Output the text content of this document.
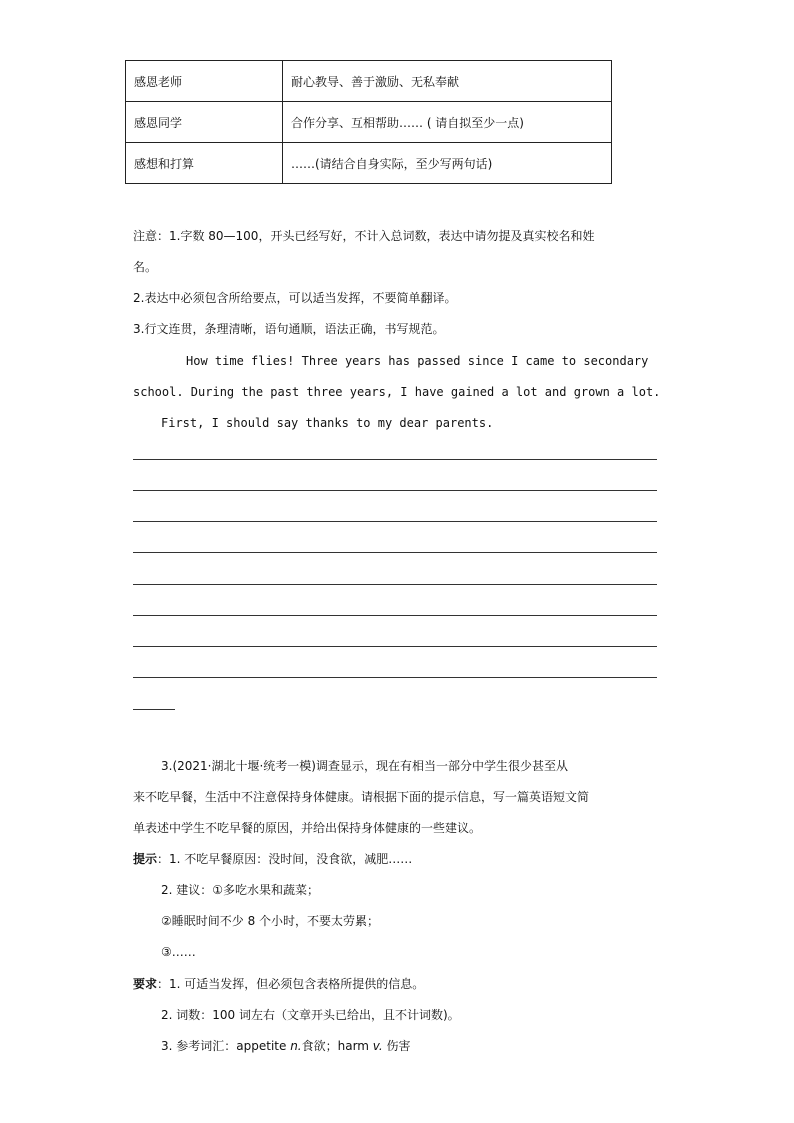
感恩老师	耐心教导、善于激励、无私奉献
感恩同学	合作分享、互相帮助…… ( 请自拟至少一点)
感想和打算	……(请结合自身实际，至少写两句话)
注意：1.字数 80—100，开头已经写好，不计入总词数，表达中请勿提及真实校名和姓
名。
2.表达中必须包含所给要点，可以适当发挥，不要简单翻译。
3.行文连贯，条理清晰，语句通顺，语法正确，书写规范。
How time flies! Three years has passed since I came to secondary
school. During the past three years, I have gained a lot and grown a lot.
First, I should say thanks to my dear parents.
3.(2021·湖北十堰·统考一模)调查显示，现在有相当一部分中学生很少甚至从
来不吃早餐，生活中不注意保持身体健康。请根据下面的提示信息，写一篇英语短文简
单表述中学生不吃早餐的原因，并给出保持身体健康的一些建议。
提示：1. 不吃早餐原因：没时间，没食欲，减肥……
2. 建议：①多吃水果和蔬菜；
②睡眠时间不少 8 个小时，不要太劳累；
③……
要求：1. 可适当发挥，但必须包含表格所提供的信息。
2. 词数：100 词左右（文章开头已给出，且不计词数)。
3. 参考词汇：appetite n.食欲；harm v. 伤害
